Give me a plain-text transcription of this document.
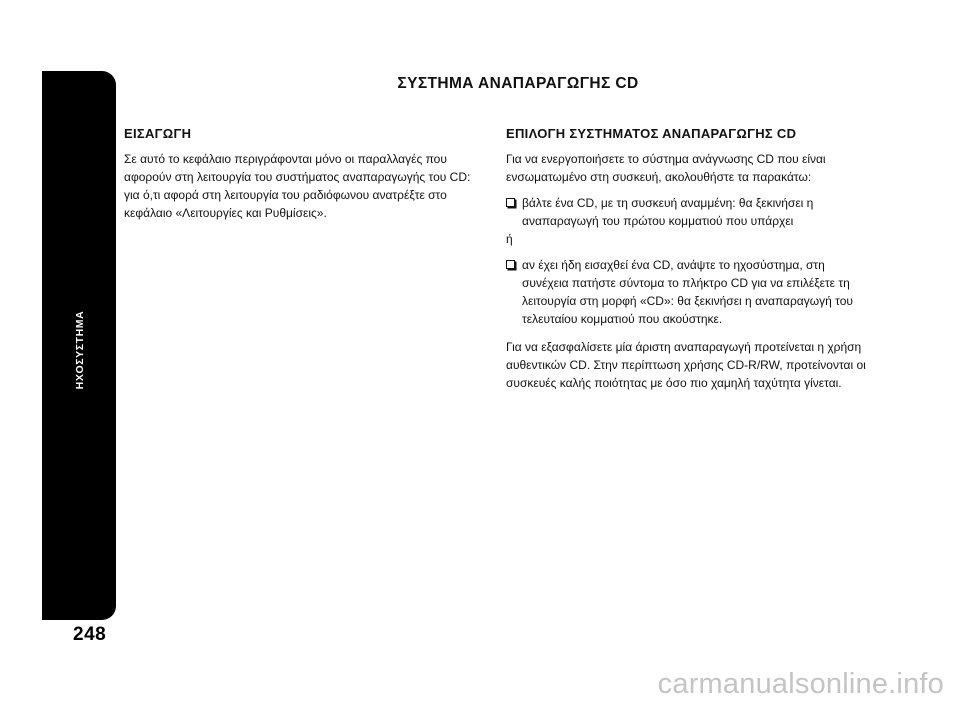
ΗΧΟΣΥΣΤΗΜΑ
248
ΣΥΣΤΗΜΑ ΑΝΑΠΑΡΑΓΩΓΗΣ CD
ΕΙΣΑΓΩΓΗ

Σε αυτό το κεφάλαιο περιγράφονται μόνο οι παραλλαγές που αφορούν στη λειτουργία του συστήματος αναπαραγωγής του CD: για ό,τι αφορά στη λειτουργία του ραδιόφωνου ανατρέξτε στο κεφάλαιο «Λειτουργίες και Ρυθμίσεις».

ΕΠΙΛΟΓΗ ΣΥΣΤΗΜΑΤΟΣ ΑΝΑΠΑΡΑΓΩΓΗΣ CD

Για να ενεργοποιήσετε το σύστημα ανάγνωσης CD που είναι ενσωματωμένο στη συσκευή, ακολουθήστε τα παρακάτω:

βάλτε ένα CD, με τη συσκευή αναμμένη: θα ξεκινήσει η αναπαραγωγή του πρώτου κομματιού που υπάρχει

ή

αν έχει ήδη εισαχθεί ένα CD, ανάψτε το ηχοσύστημα, στη συνέχεια πατήστε σύντομα το πλήκτρο CD για να επιλέξετε τη λειτουργία στη μορφή «CD»: θα ξεκινήσει η αναπαραγωγή του τελευταίου κομματιού που ακούστηκε.

Για να εξασφαλίσετε μία άριστη αναπαραγωγή προτείνεται η χρήση αυθεντικών CD. Στην περίπτωση χρήσης CD-R/RW, προτείνονται οι συσκευές καλής ποιότητας με όσο πιο χαμηλή ταχύτητα γίνεται.

carmanualsonline.info
